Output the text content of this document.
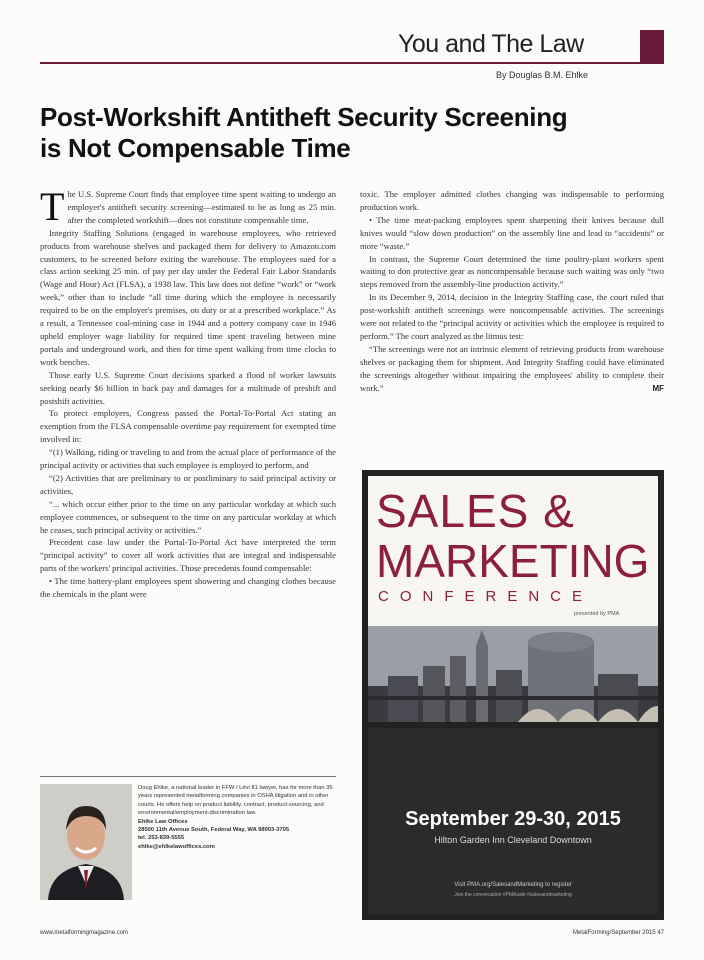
You and The Law
By Douglas B.M. Ehlke
Post-Workshift Antitheft Security Screening
is Not Compensable Time

The U.S. Supreme Court finds that employee time spent waiting to undergo an employer's antitheft security screening—estimated to be as long as 25 min. after the completed workshift—does not constitute compensable time.

Integrity Staffing Solutions (engaged in warehouse employees, who retrieved products from warehouse shelves and packaged them for delivery to Amazon.com customers, to be screened before exiting the warehouse. The employees sued for a class action seeking 25 min. of pay per day under the Federal Fair Labor Standards (Wage and Hour) Act (FLSA), a 1938 law. This law does not define “work” or “work week,” other than to include “all time during which the employee is necessarily required to be on the employer's premises, on duty or at a prescribed workplace.” As a result, a Tennessee coal-mining case in 1944 and a pottery company case in 1946 upheld employer wage liability for required time spent traveling between mine portals and underground work, and then for time spent walking from time clocks to work benches.

Those early U.S. Supreme Court decisions sparked a flood of worker lawsuits seeking nearly $6 billion in back pay and damages for a multitude of preshift and postshift activities.

To protect employers, Congress passed the Portal-To-Portal Act stating an exemption from the FLSA compensable overtime pay requirement for exempted time involved in:

“(1) Walking, riding or traveling to and from the actual place of performance of the principal activity or activities that such employee is employed to perform, and

“(2) Activities that are preliminary to or postliminary to said principal activity or activities,

“... which occur either prior to the time on any particular workday at which such employee commences, or subsequent to the time on any particular workday at which he ceases, such principal activity or activities.”

Precedent case law under the Portal-To-Portal Act have interpreted the term “principal activity” to cover all work activities that are integral and indispensable parts of the workers' principal activities. Those precedents found compensable:

• The time battery-plant employees spent showering and changing clothes because the chemicals in the plant were

toxic. The employer admitted clothes changing was indispensable to performing production work.

• The time meat-packing employees spent sharpening their knives because dull knives would “slow down production” on the assembly line and lead to “accidents” or more “waste.”

In contrast, the Supreme Court determined the time poultry-plant workers spent waiting to don protective gear as noncompensable because such waiting was only “two steps removed from the assembly-line production activity.”

In its December 9, 2014, decision in the Integrity Staffing case, the court ruled that post-workshift antitheft screenings were noncompensable activities. The screenings were not related to the “principal activity or activities which the employee is required to perform.” The court analyzed as the litmus test:

“The screenings were not an intrinsic element of retrieving products from warehouse shelves or packaging them for shipment. And Integrity Staffing could have eliminated the screenings altogether without impairing the employees' ability to complete their work.”	MF
Doug Ehlke, a national leader in FFW / Lévi 81 lawyer, has for more than 35 years represented metalforming companies in OSHA litigation and in other courts. He offers help on product liability, contract, product-sourcing, and environmental/employment-discrimination law.
Ehlke Law Offices
28500 11th Avenue South, Federal Way, WA 98003-3705
tel. 253-839-5555
ehlke@ehlkelawoffices.com
SALES &
MARKETING
CONFERENCE
presented by PMA
September 29-30, 2015
Hilton Garden Inn Cleveland Downtown
Visit PMA.org/SalesandMarketing to register
Join the conversation #PMAsale #salesandmarketing
www.metalformingmagazine.com	MetalForming/September 2015 47
